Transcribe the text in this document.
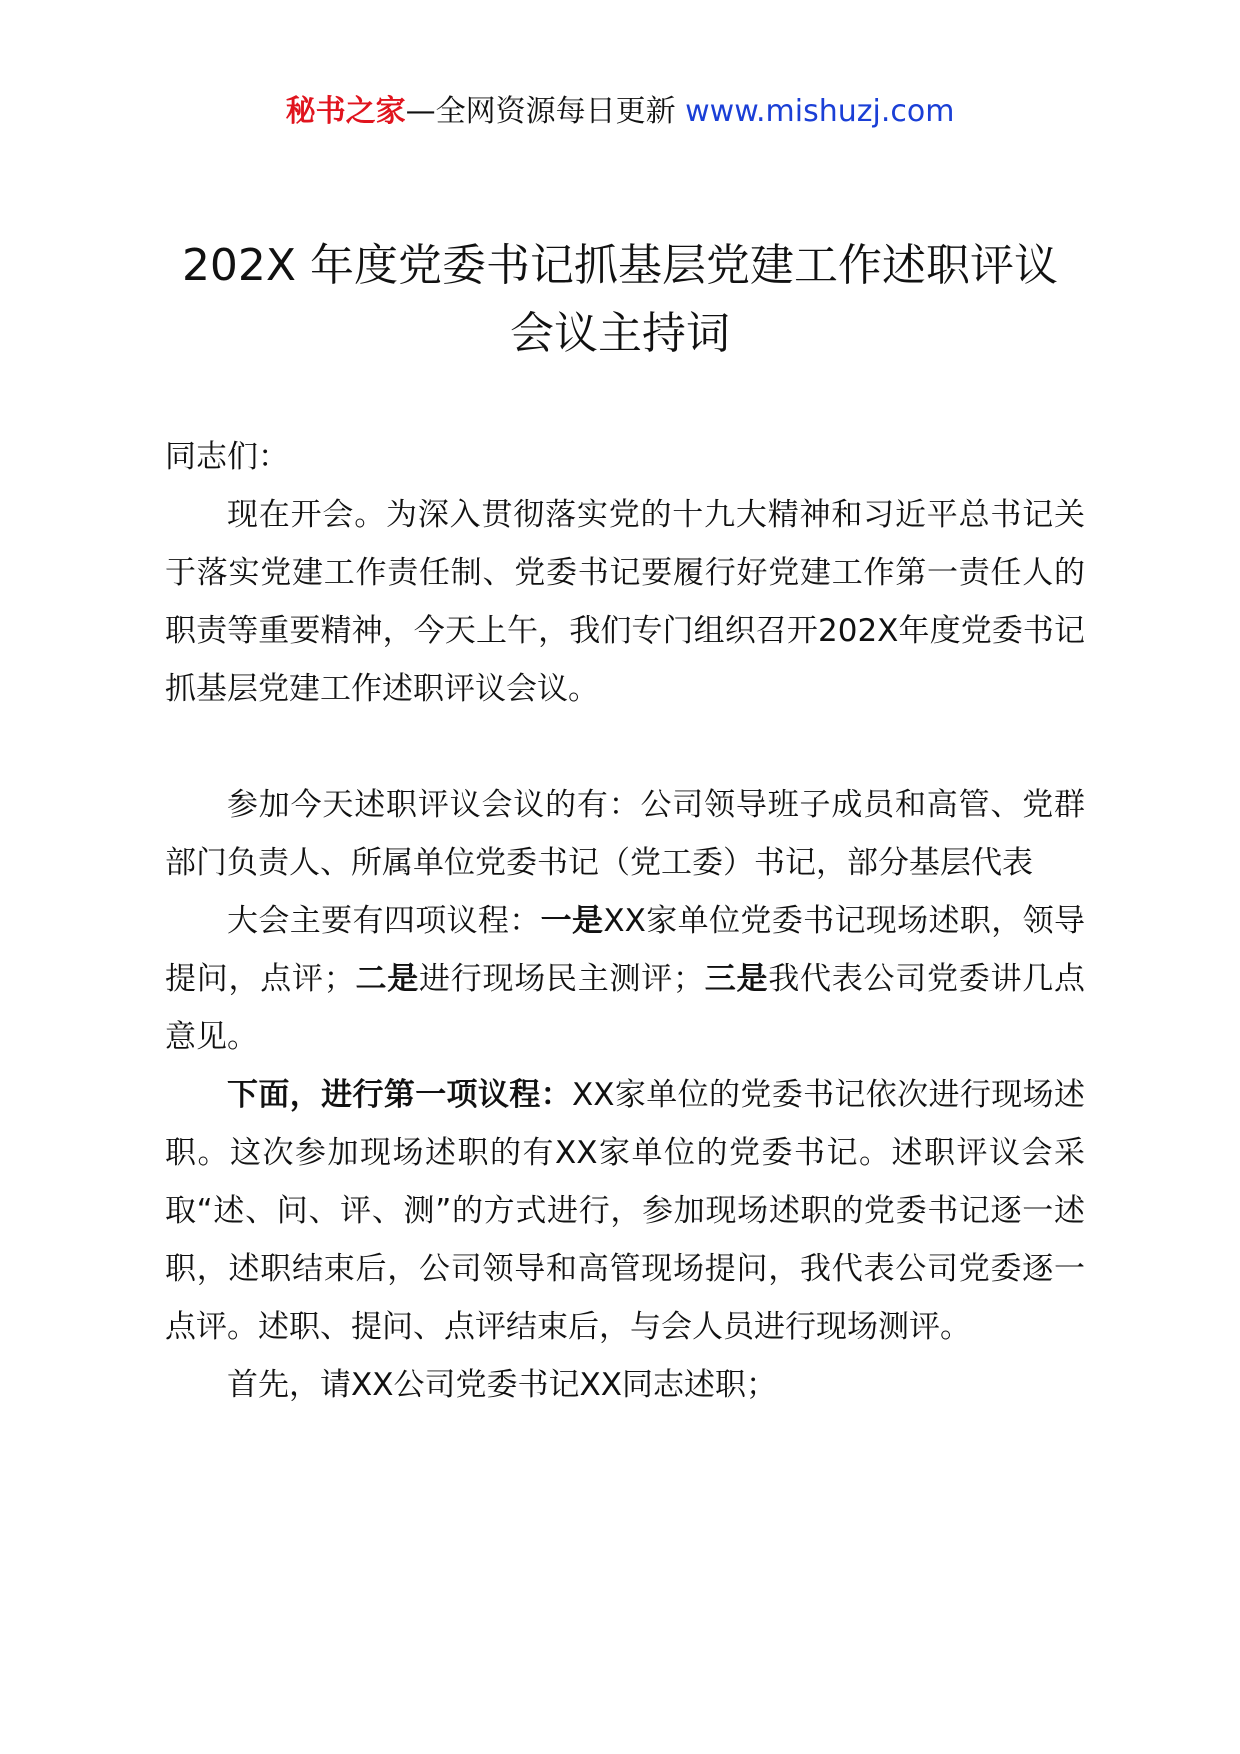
秘书之家—全网资源每日更新 www.mishuzj.com
202X 年度党委书记抓基层党建工作述职评议
会议主持词

同志们：

现在开会。为深入贯彻落实党的十九大精神和习近平总书记关于落实党建工作责任制、党委书记要履行好党建工作第一责任人的职责等重要精神，今天上午，我们专门组织召开202X年度党委书记抓基层党建工作述职评议会议。

参加今天述职评议会议的有：公司领导班子成员和高管、党群部门负责人、所属单位党委书记（党工委）书记，部分基层代表

大会主要有四项议程：一是XX家单位党委书记现场述职，领导提问，点评；二是进行现场民主测评；三是我代表公司党委讲几点意见。

下面，进行第一项议程：XX家单位的党委书记依次进行现场述职。这次参加现场述职的有XX家单位的党委书记。述职评议会采取“述、问、评、测”的方式进行，参加现场述职的党委书记逐一述职，述职结束后，公司领导和高管现场提问，我代表公司党委逐一点评。述职、提问、点评结束后，与会人员进行现场测评。

首先，请XX公司党委书记XX同志述职；
